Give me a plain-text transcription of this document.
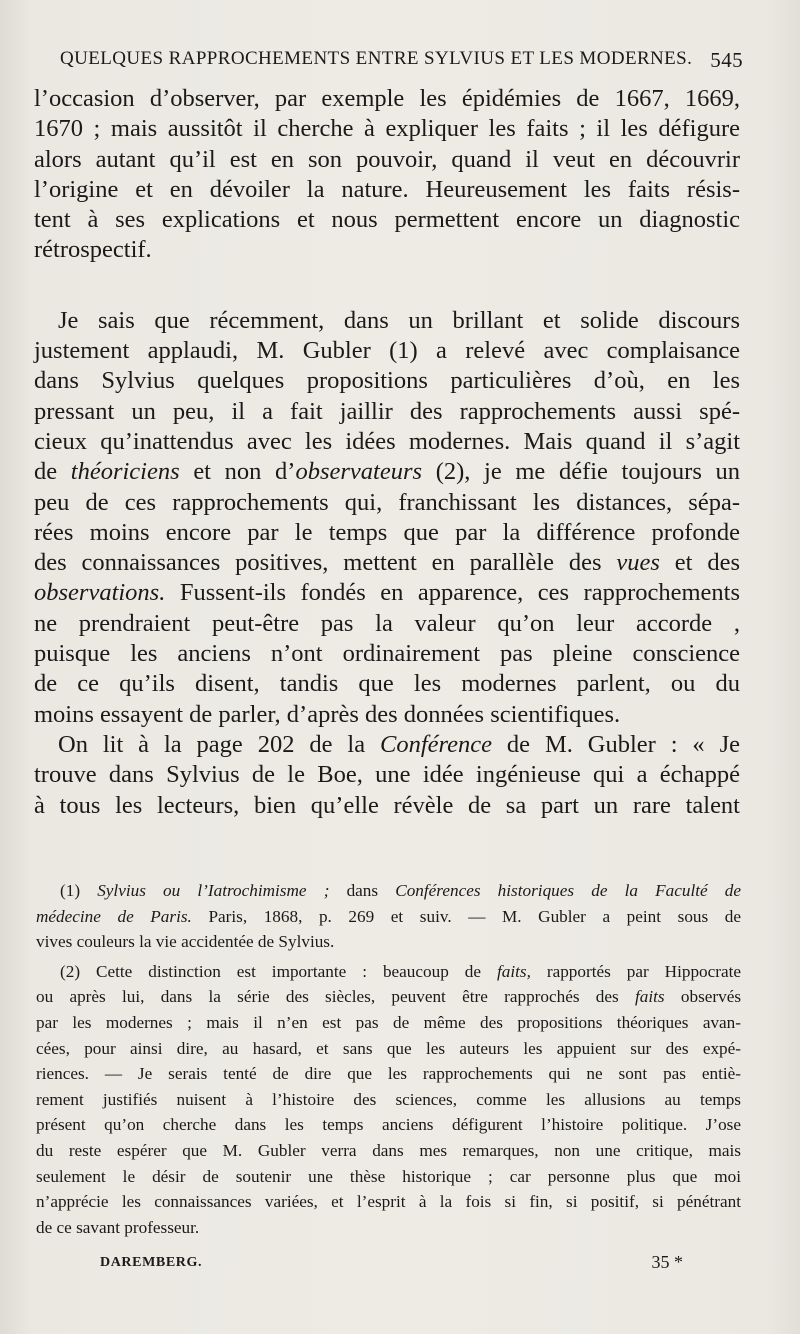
QUELQUES RAPPROCHEMENTS ENTRE SYLVIUS ET LES MODERNES. 545
l’occasion d’observer, par exemple les épidémies de 1667, 1669,
1670 ; mais aussitôt il cherche à expliquer les faits ; il les défigure
alors autant qu’il est en son pouvoir, quand il veut en découvrir
l’origine et en dévoiler la nature. Heureusement les faits résis-
tent à ses explications et nous permettent encore un diagnostic
rétrospectif.
Je sais que récemment, dans un brillant et solide discours
justement applaudi, M. Gubler (1) a relevé avec complaisance
dans Sylvius quelques propositions particulières d’où, en les
pressant un peu, il a fait jaillir des rapprochements aussi spé-
cieux qu’inattendus avec les idées modernes. Mais quand il s’agit
de théoriciens et non d’observateurs (2), je me défie toujours un
peu de ces rapprochements qui, franchissant les distances, sépa-
rées moins encore par le temps que par la différence profonde
des connaissances positives, mettent en parallèle des vues et des
observations. Fussent-ils fondés en apparence, ces rapprochements
ne prendraient peut-être pas la valeur qu’on leur accorde ,
puisque les anciens n’ont ordinairement pas pleine conscience
de ce qu’ils disent, tandis que les modernes parlent, ou du
moins essayent de parler, d’après des données scientifiques.
On lit à la page 202 de la Conférence de M. Gubler : « Je
trouve dans Sylvius de le Boe, une idée ingénieuse qui a échappé
à tous les lecteurs, bien qu’elle révèle de sa part un rare talent
(1) Sylvius ou l’Iatrochimisme ; dans Conférences historiques de la Faculté de
médecine de Paris. Paris, 1868, p. 269 et suiv. — M. Gubler a peint sous de
vives couleurs la vie accidentée de Sylvius.
(2) Cette distinction est importante : beaucoup de faits, rapportés par Hippocrate
ou après lui, dans la série des siècles, peuvent être rapprochés des faits observés
par les modernes ; mais il n’en est pas de même des propositions théoriques avan-
cées, pour ainsi dire, au hasard, et sans que les auteurs les appuient sur des expé-
riences. — Je serais tenté de dire que les rapprochements qui ne sont pas entiè-
rement justifiés nuisent à l’histoire des sciences, comme les allusions au temps
présent qu’on cherche dans les temps anciens défigurent l’histoire politique. J’ose
du reste espérer que M. Gubler verra dans mes remarques, non une critique, mais
seulement le désir de soutenir une thèse historique ; car personne plus que moi
n’apprécie les connaissances variées, et l’esprit à la fois si fin, si positif, si pénétrant
de ce savant professeur.
DAREMBERG.	35 *
